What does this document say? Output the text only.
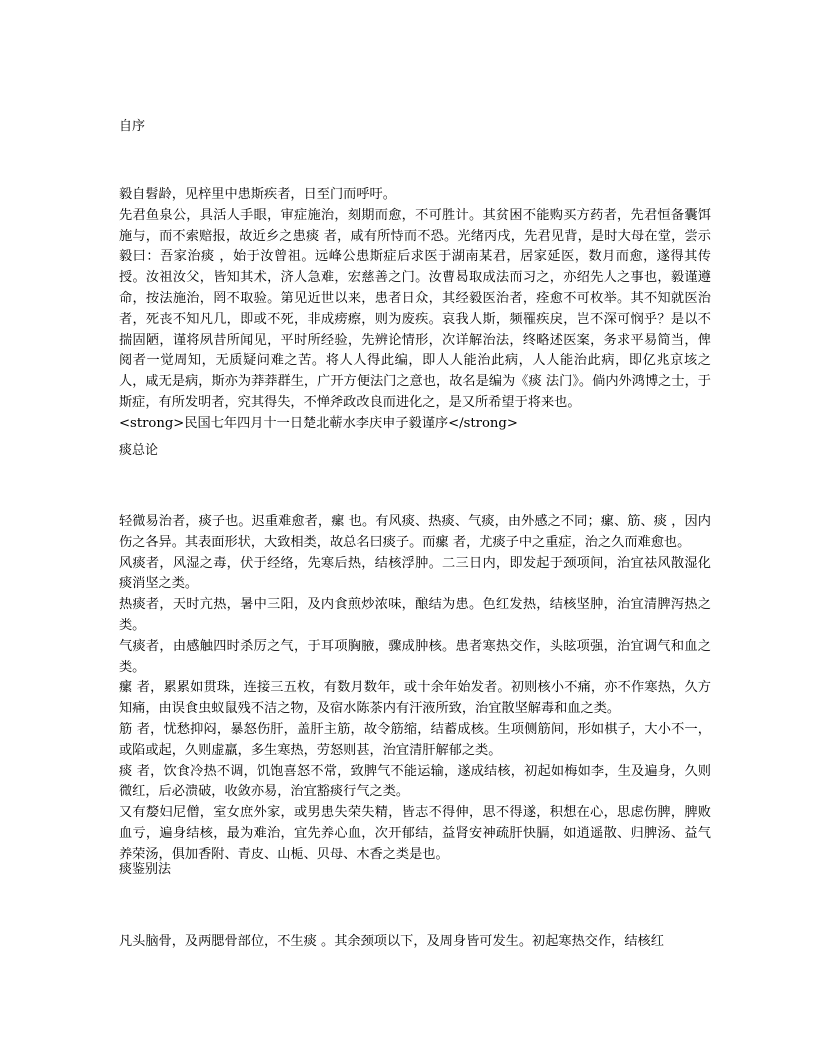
自序

毅自髫龄，见梓里中患斯疾者，日至门而呼吁。

先君鱼泉公，具活人手眼，审症施治，刻期而愈，不可胜计。其贫困不能购买方药者，先君恒备囊饵施与，而不索赔报，故近乡之患痰 者，咸有所恃而不恐。光绪丙戌，先君见背，是时大母在堂，尝示毅曰：吾家治痰 ，始于汝曾祖。远峰公患斯症后求医于湖南某君，居家延医，数月而愈，遂得其传授。汝祖汝父，皆知其术，济人急难，宏慈善之门。汝曹曷取成法而习之，亦绍先人之事也，毅谨遵命，按法施治，罔不取验。第见近世以来，患者日众，其经毅医治者，痊愈不可枚举。其不知就医治者，死丧不知凡几，即或不死，非成痨瘵，则为废疾。哀我人斯，频罹疾戾，岂不深可悯乎？是以不揣固陋，谨将夙昔所闻见，平时所经验，先辨论情形，次详解治法，终略述医案，务求平易简当，俾阅者一觉周知，无质疑问难之苦。将人人得此编，即人人能治此病，人人能治此病，即亿兆京垓之人，咸无是病，斯亦为莽莽群生，广开方便法门之意也，故名是编为《痰 法门》。倘内外鸿博之士，于斯症，有所发明者，究其得失，不惮斧政改良而进化之，是又所希望于将来也。

<strong>民国七年四月十一日楚北蕲水李庆申子毅谨序</strong>

痰总论

轻微易治者，痰子也。迟重难愈者，瘰 也。有风痰、热痰、气痰，由外感之不同；瘰、筋、痰 ，因内伤之各异。其表面形状，大致相类，故总名曰痰子。而瘰 者，尤痰子中之重症，治之久而难愈也。

风痰者，风湿之毒，伏于经络，先寒后热，结核浮肿。二三日内，即发起于颈项间，治宜祛风散湿化痰消坚之类。

热痰者，天时亢热，暑中三阳，及内食煎炒浓味，酿结为患。色红发热，结核坚肿，治宜清脾泻热之类。

气痰者，由感触四时杀厉之气，于耳项胸腋，骤成肿核。患者寒热交作，头眩项强，治宜调气和血之类。

瘰 者，累累如贯珠，连接三五枚，有数月数年，或十余年始发者。初则核小不痛，亦不作寒热，久方知痛，由误食虫蚁鼠残不洁之物，及宿水陈茶内有汗液所致，治宜散坚解毒和血之类。

筋 者，忧愁抑闷，暴怒伤肝，盖肝主筋，故令筋缩，结蓄成核。生项侧筋间，形如棋子，大小不一，或陷或起，久则虚羸，多生寒热，劳怒则甚，治宜清肝解郁之类。

痰 者，饮食冷热不调，饥饱喜怒不常，致脾气不能运输，遂成结核，初起如梅如李，生及遍身，久则微红，后必溃破，收敛亦易，治宜豁痰行气之类。

又有嫠妇尼僧，室女庶外家，或男患失荣失精，皆志不得伸，思不得遂，积想在心，思虑伤脾，脾败血亏，遍身结核，最为难治，宜先养心血，次开郁结，益肾安神疏肝快膈，如逍遥散、归脾汤、益气养荣汤，俱加香附、青皮、山栀、贝母、木香之类是也。

痰鉴别法

凡头脑骨，及两腮骨部位，不生痰 。其余颈项以下，及周身皆可发生。初起寒热交作，结核红
